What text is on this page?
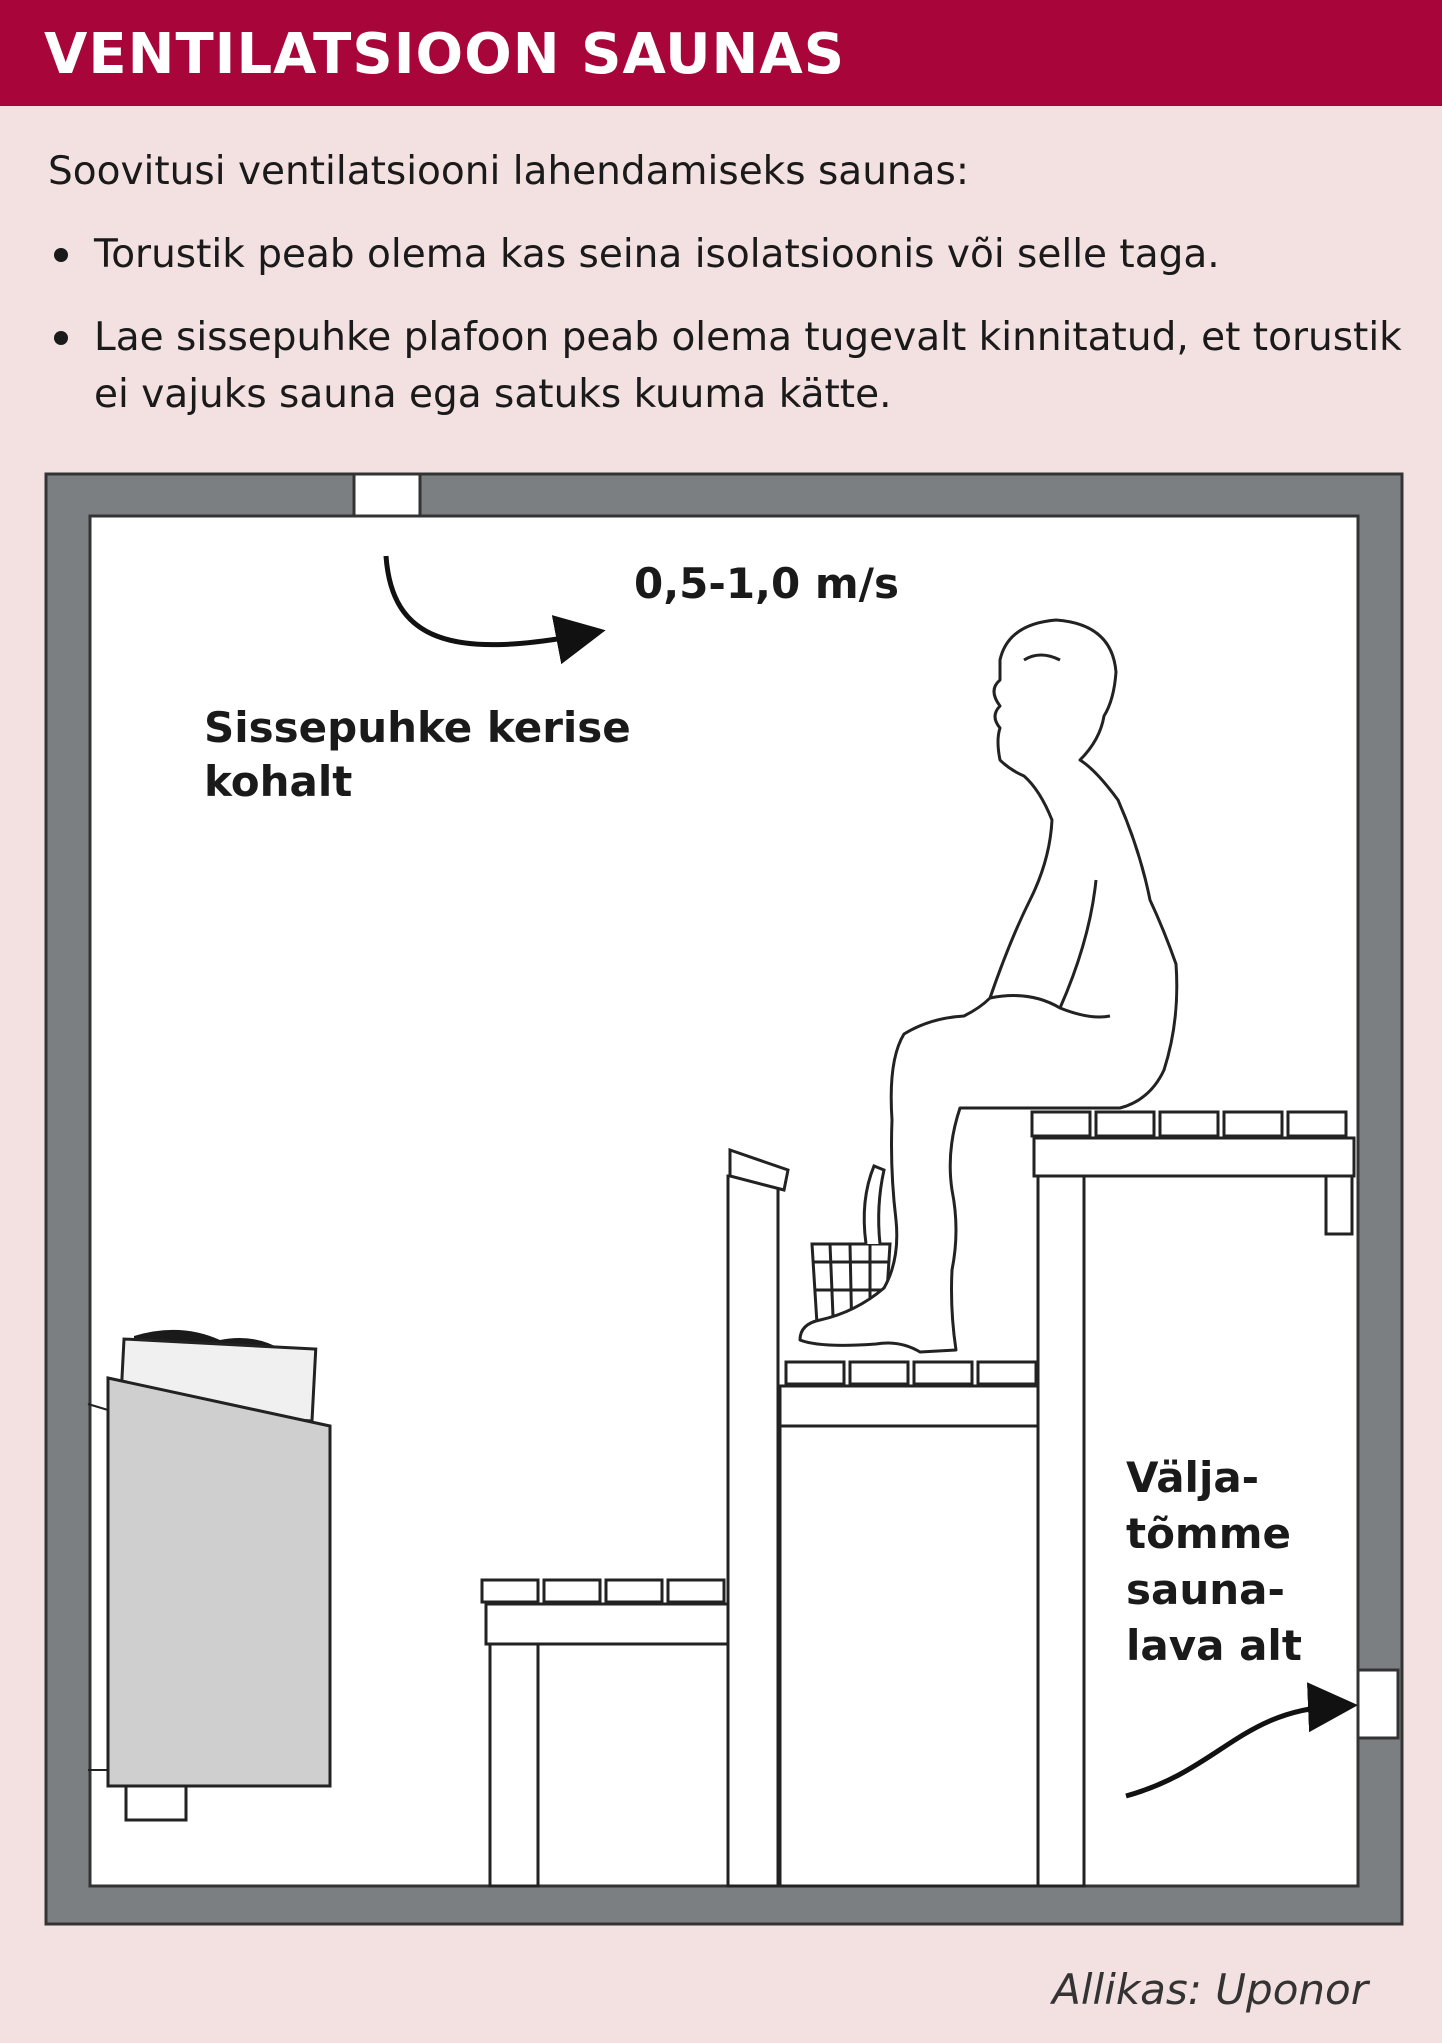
VENTILATSIOON SAUNAS

Soovitusi ventilatsiooni lahendamiseks saunas:

Torustik peab olema kas seina isolatsioonis või selle taga.
Lae sissepuhke plafoon peab olema tugevalt kinnitatud, et torustik ei vajuks sauna ega satuks kuuma kätte.
0,5-1,0 m/s
Sissepuhke kerise
kohalt
Välja-
tõmme
sauna-
lava alt
Allikas: Uponor
